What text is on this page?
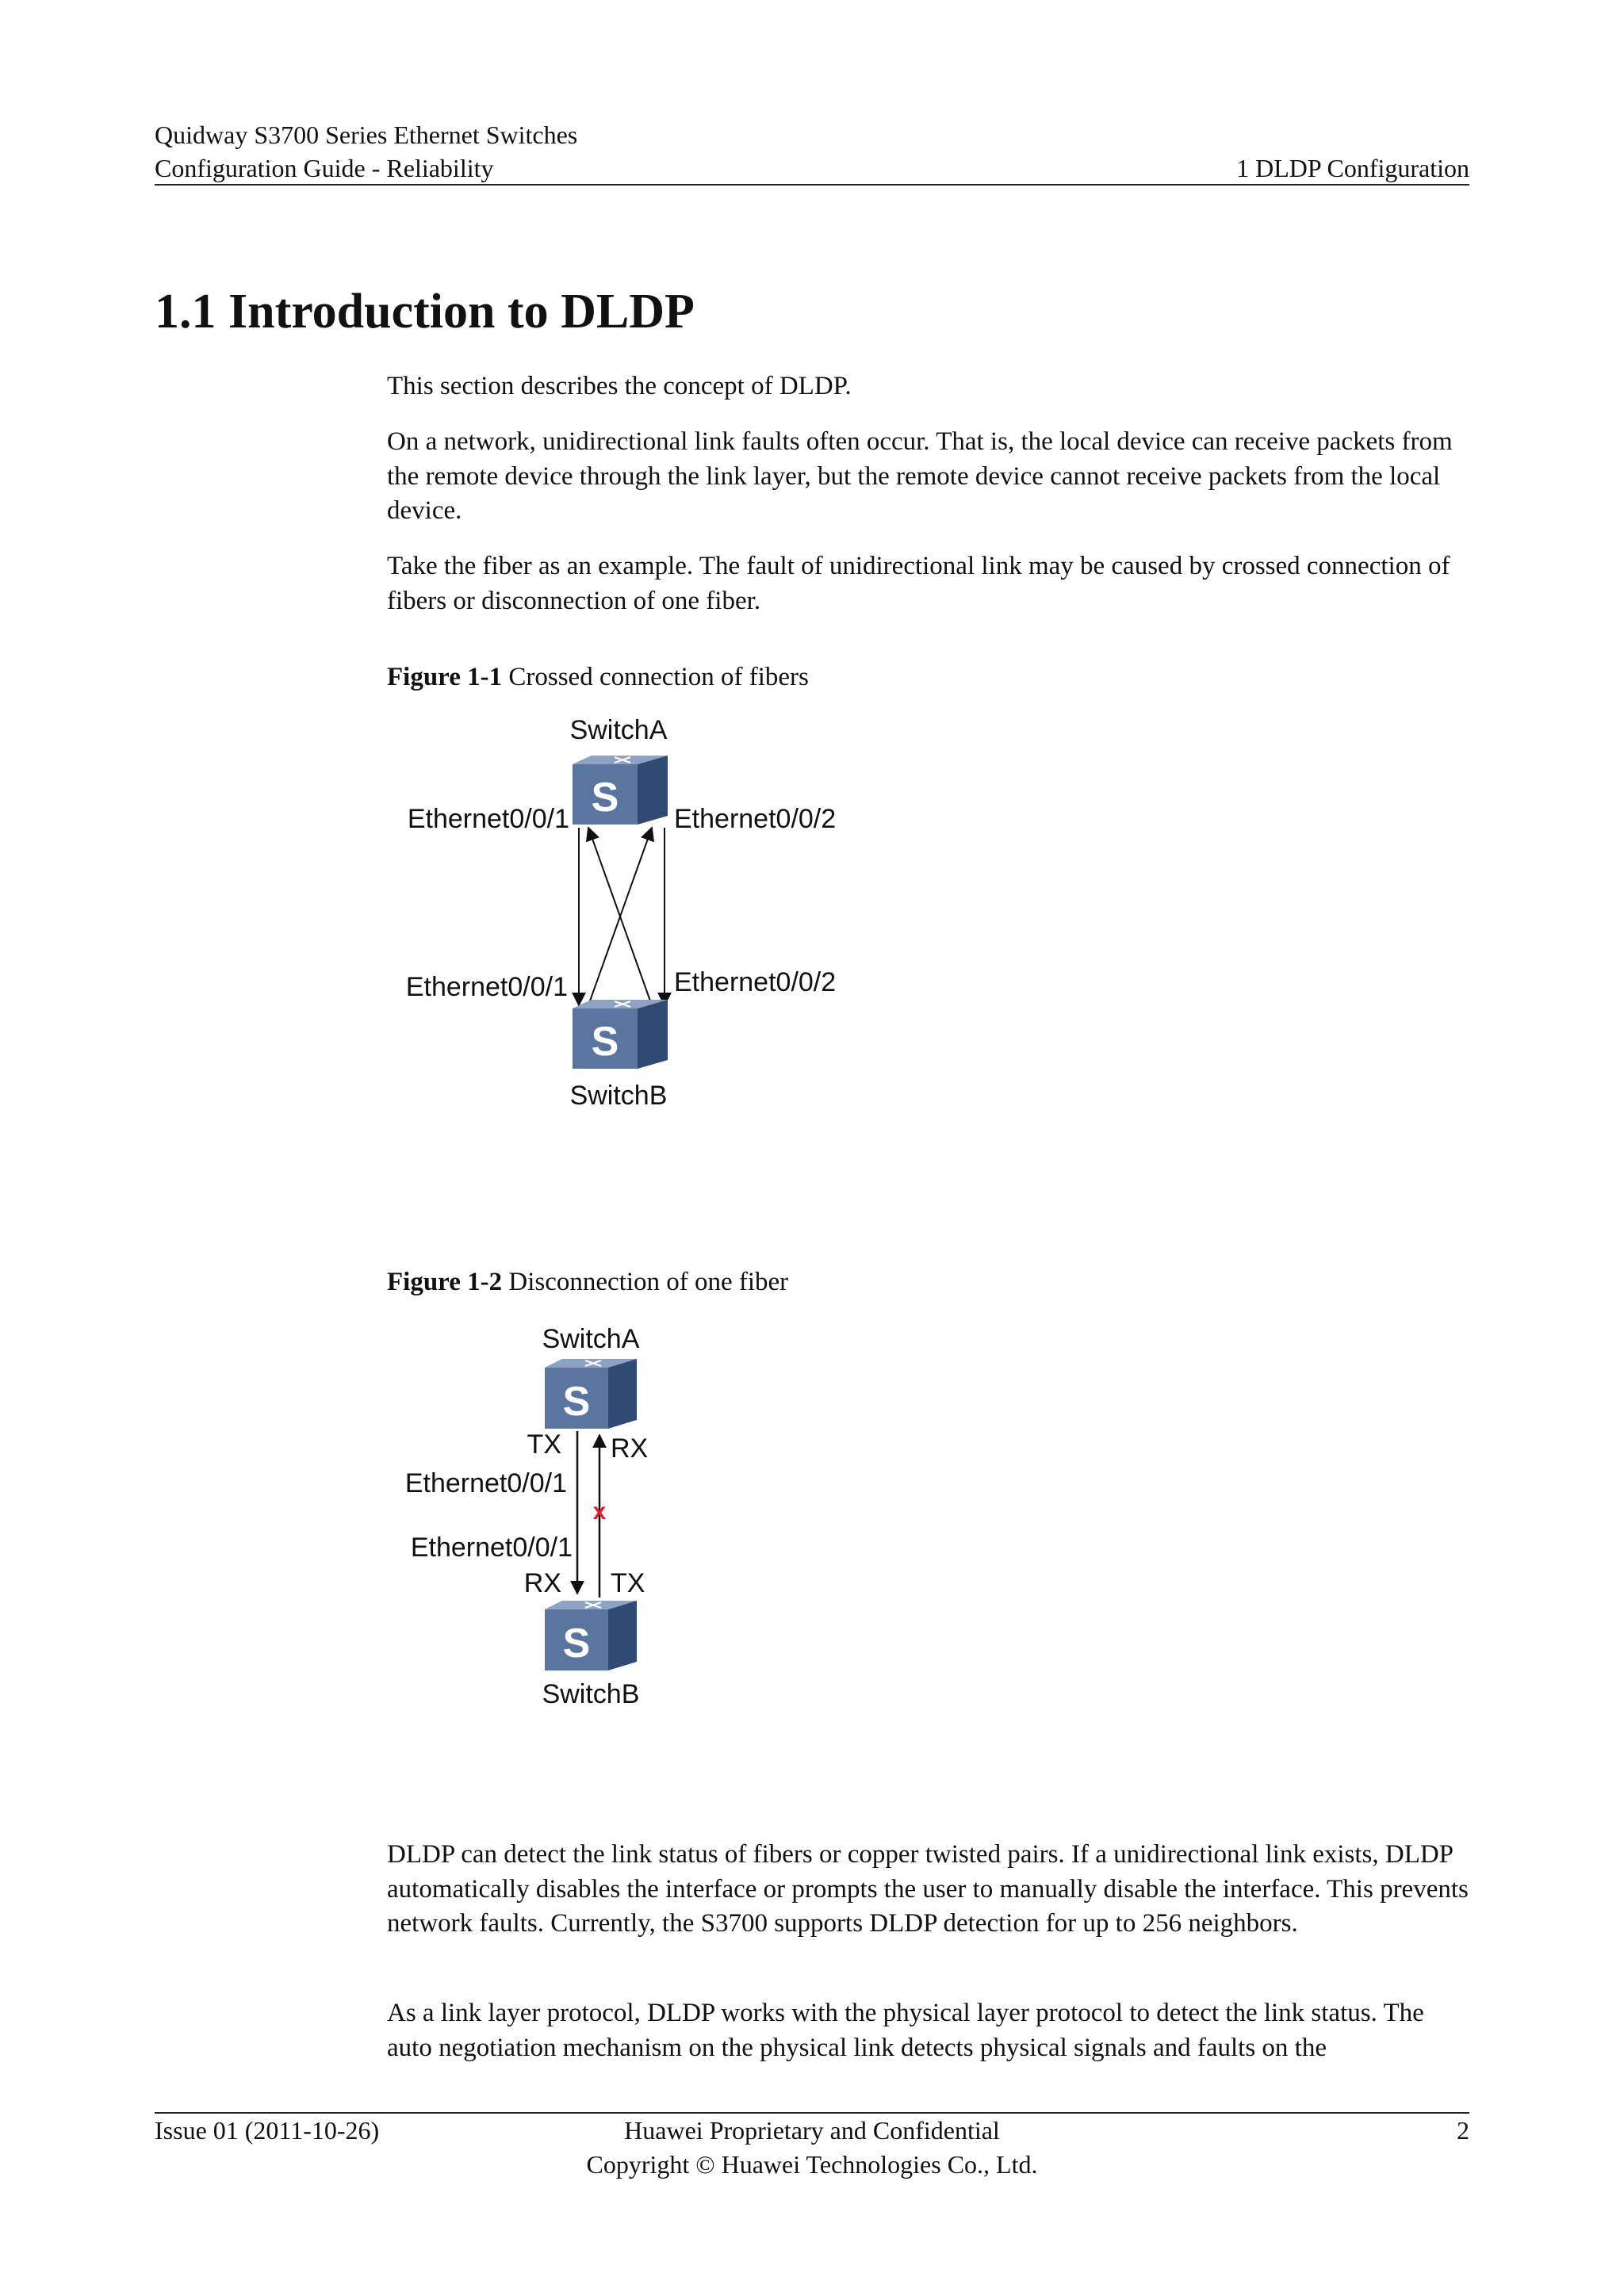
Quidway S3700 Series Ethernet Switches
Configuration Guide - Reliability	1 DLDP Configuration
1.1 Introduction to DLDP

This section describes the concept of DLDP.

On a network, unidirectional link faults often occur. That is, the local device can receive packets from the remote device through the link layer, but the remote device cannot receive packets from the local device.

Take the fiber as an example. The fault of unidirectional link may be caused by crossed connection of fibers or disconnection of one fiber.

Figure 1-1 Crossed connection of fibers
SwitchA
S
Ethernet0/0/1	Ethernet0/0/2
Ethernet0/0/1	Ethernet0/0/2
S
SwitchB
Figure 1-2 Disconnection of one fiber
SwitchA
S
TX RX
Ethernet0/0/1
x
Ethernet0/0/1
RX TX
S
SwitchB

DLDP can detect the link status of fibers or copper twisted pairs. If a unidirectional link exists, DLDP automatically disables the interface or prompts the user to manually disable the interface. This prevents network faults. Currently, the S3700 supports DLDP detection for up to 256 neighbors.

As a link layer protocol, DLDP works with the physical layer protocol to detect the link status. The auto negotiation mechanism on the physical link detects physical signals and faults on the

Issue 01 (2011-10-26)	Huawei Proprietary and Confidential
Copyright © Huawei Technologies Co., Ltd.
2
